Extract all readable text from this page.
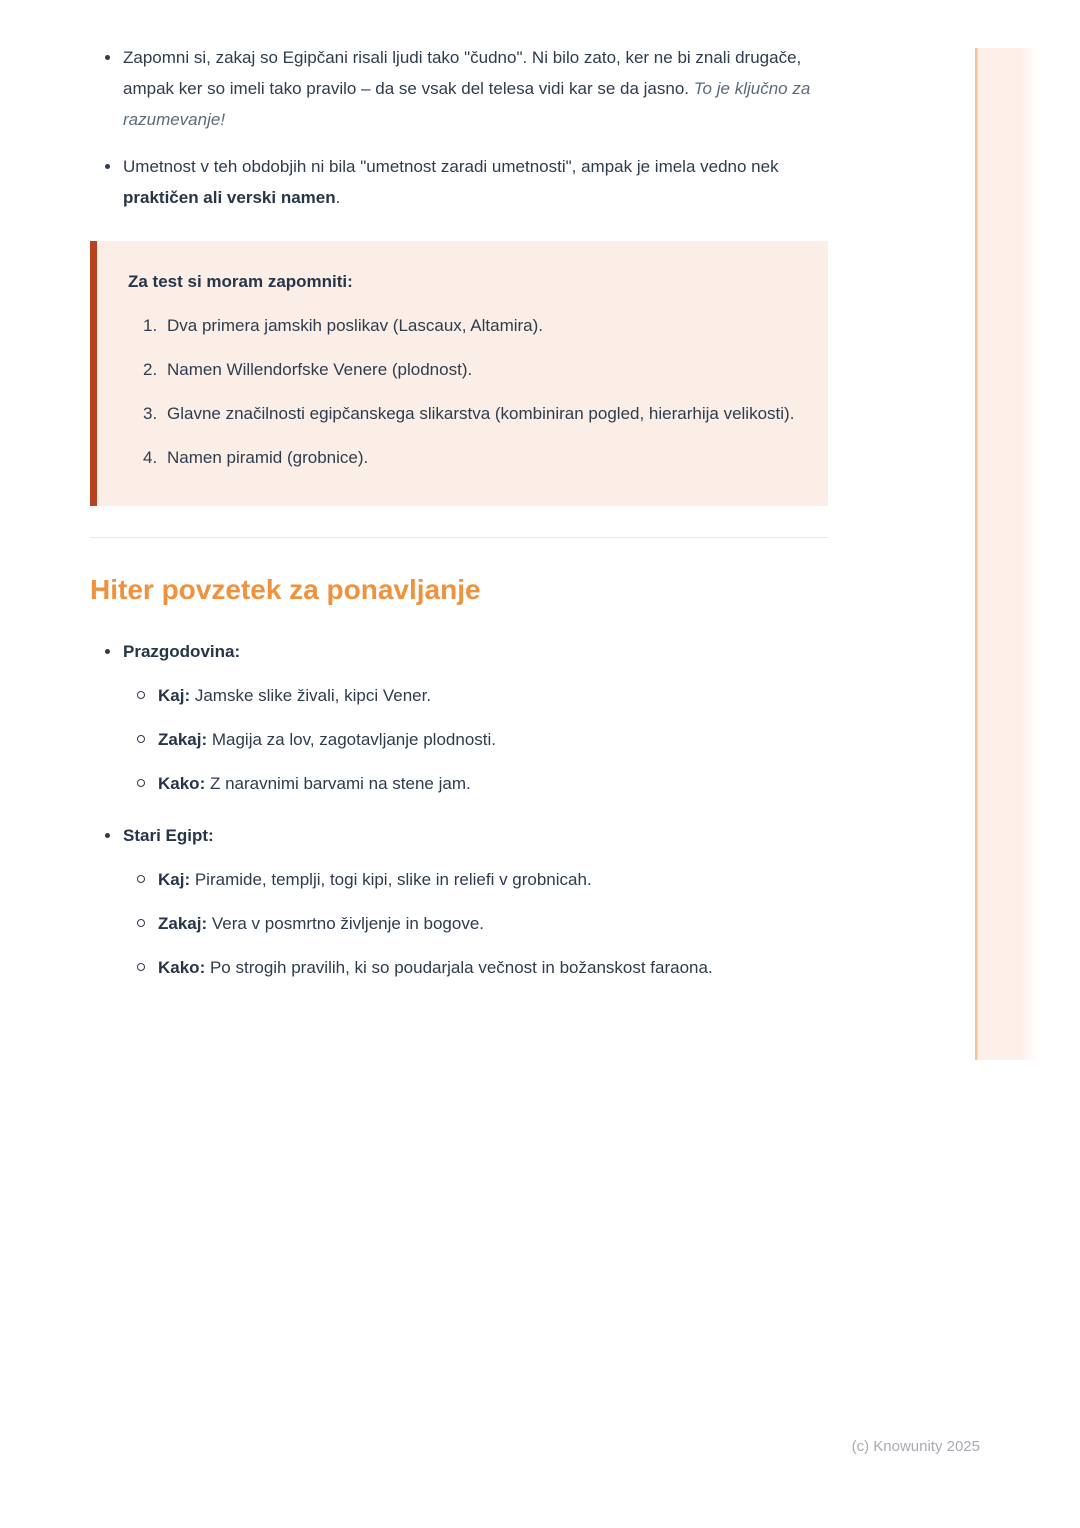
Zapomni si, zakaj so Egipčani risali ljudi tako "čudno". Ni bilo zato, ker ne bi znali drugače, ampak ker so imeli tako pravilo – da se vsak del telesa vidi kar se da jasno. To je ključno za razumevanje!
Umetnost v teh obdobjih ni bila "umetnost zaradi umetnosti", ampak je imela vedno nek praktičen ali verski namen.

Za test si moram zapomniti:

1. Dva primera jamskih poslikav (Lascaux, Altamira).
2. Namen Willendorfske Venere (plodnost).
3. Glavne značilnosti egipčanskega slikarstva (kombiniran pogled, hierarhija velikosti).
4. Namen piramid (grobnice).
Hiter povzetek za ponavljanje

Prazgodovina:

Kaj: Jamske slike živali, kipci Vener.
Zakaj: Magija za lov, zagotavljanje plodnosti.
Kako: Z naravnimi barvami na stene jam.

Stari Egipt:

Kaj: Piramide, templji, togi kipi, slike in reliefi v grobnicah.
Zakaj: Vera v posmrtno življenje in bogove.
Kako: Po strogih pravilih, ki so poudarjala večnost in božanskost faraona.
(c) Knowunity 2025
